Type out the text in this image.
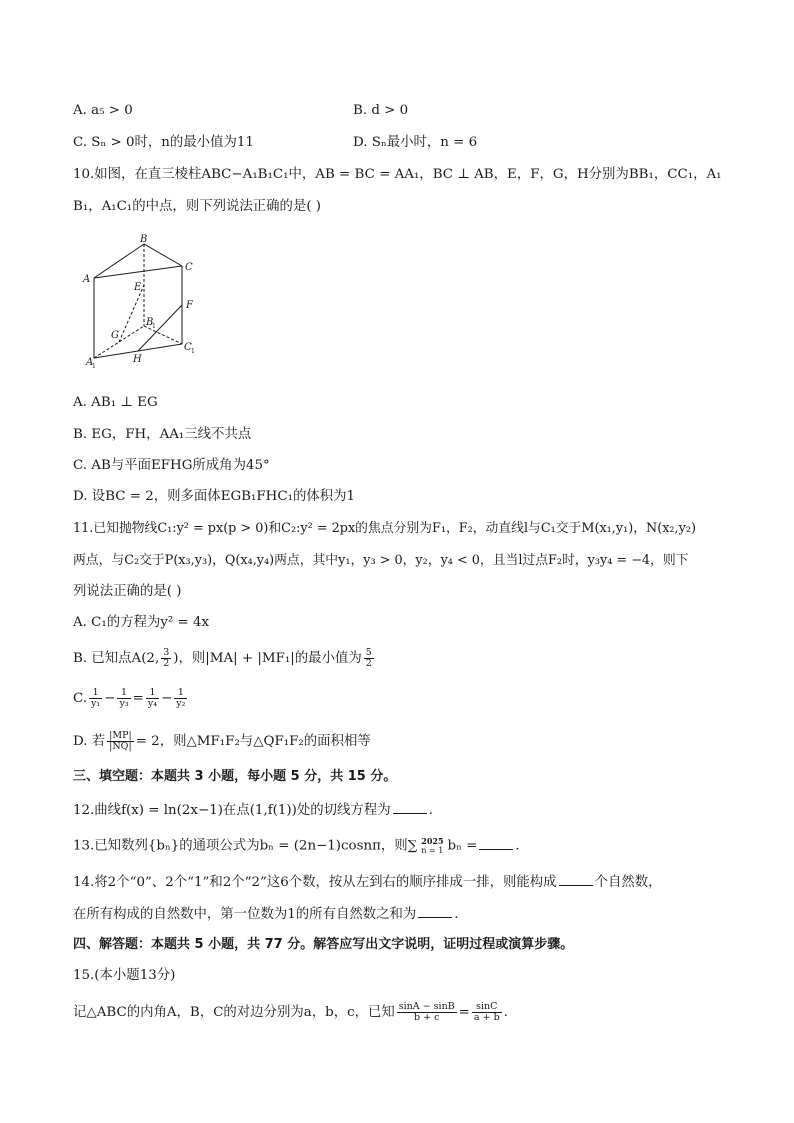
A. a₅ > 0	B. d > 0
C. Sₙ > 0时，n的最小值为11	D. Sₙ最小时，n = 6
10.如图，在直三棱柱ABC−A₁B₁C₁中，AB = BC = AA₁，BC ⊥ AB，E，F，G，H分别为BB₁，CC₁，A₁
B₁，A₁C₁的中点，则下列说法正确的是( )
B
A
C
E
F
G
B
1
C 1
A
1
H
A. AB₁ ⊥ EG
B. EG，FH，AA₁三线不共点
C. AB与平面EFHG所成角为45°
D. 设BC = 2，则多面体EGB₁FHC₁的体积为1
11.已知抛物线C₁:y² = px(p > 0)和C₂:y² = 2px的焦点分别为F₁，F₂，动直线l与C₁交于M(x₁,y₁)，N(x₂,y₂)
两点，与C₂交于P(x₃,y₃)，Q(x₄,y₄)两点，其中y₁，y₃ > 0，y₂，y₄ < 0，且当l过点F₂时，y₃y₄ = −4，则下
列说法正确的是( )
A. C₁的方程为y² = 4x
B. 已知点A(2, $\frac{3}{2}$ )，则|MA| + |MF₁|的最小值为 $\frac{5}{2}$
C. $\frac{1}{\text{y₁}} - \frac{1}{\text{y₃}} = \frac{1}{\text{y₄}} - \frac{1}{\text{y₂}}$
D. 若 $\frac{|MP|}{|NQ|} = 2$，则△MF₁F₂与△QF₁F₂的面积相等
三、填空题：本题共 3 小题，每小题 5 分，共 15 分。
12.曲线f(x) = ln(2x−1)在点(1,f(1))处的切线方程为	.
13.已知数列{bₙ}的通项公式为bₙ = (2n−1)cosnπ，则∑ 2025
n = 1 bₙ =	.
14.将2个“0”、2个“1”和2个“2”这6个数，按从左到右的顺序排成一排，则能构成	个自然数，
在所有构成的自然数中，第一位数为1的所有自然数之和为	.
四、解答题：本题共 5 小题，共 77 分。解答应写出文字说明，证明过程或演算步骤。
15.(本小题13分)
记△ABC的内角A，B，C的对边分别为a，b，c，已知 $\frac{\sin A - \sin B}{b + c} = \frac{\sin C}{a + b}$ .
